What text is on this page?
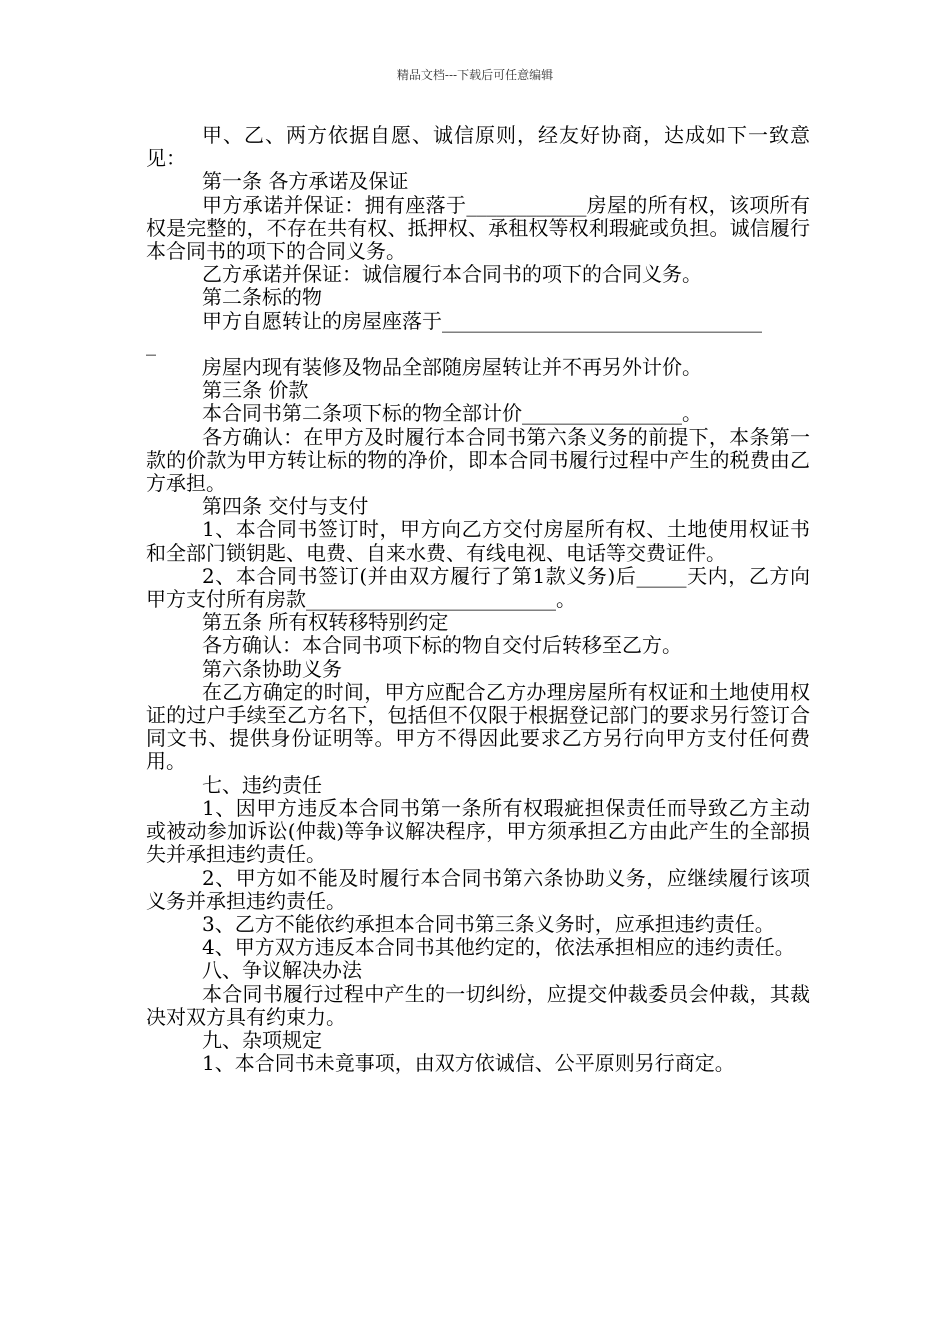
精品文档---下载后可任意编辑

甲、乙、两方依据自愿、诚信原则，经友好协商，达成如下一致意见：

第一条 各方承诺及保证

甲方承诺并保证：拥有座落于____________房屋的所有权，该项所有权是完整的，不存在共有权、抵押权、承租权等权利瑕疵或负担。诚信履行本合同书的项下的合同义务。

乙方承诺并保证：诚信履行本合同书的项下的合同义务。

第二条标的物

甲方自愿转让的房屋座落于________________________________

_

房屋内现有装修及物品全部随房屋转让并不再另外计价。

第三条 价款

本合同书第二条项下标的物全部计价________________。

各方确认：在甲方及时履行本合同书第六条义务的前提下，本条第一款的价款为甲方转让标的物的净价，即本合同书履行过程中产生的税费由乙方承担。

第四条 交付与支付

1、本合同书签订时，甲方向乙方交付房屋所有权、土地使用权证书和全部门锁钥匙、电费、自来水费、有线电视、电话等交费证件。

2、本合同书签订(并由双方履行了第1款义务)后_____天内，乙方向甲方支付所有房款_________________________。

第五条 所有权转移特别约定

各方确认：本合同书项下标的物自交付后转移至乙方。

第六条协助义务

在乙方确定的时间，甲方应配合乙方办理房屋所有权证和土地使用权证的过户手续至乙方名下，包括但不仅限于根据登记部门的要求另行签订合同文书、提供身份证明等。甲方不得因此要求乙方另行向甲方支付任何费用。

七、违约责任

1、因甲方违反本合同书第一条所有权瑕疵担保责任而导致乙方主动或被动参加诉讼(仲裁)等争议解决程序，甲方须承担乙方由此产生的全部损失并承担违约责任。

2、甲方如不能及时履行本合同书第六条协助义务，应继续履行该项义务并承担违约责任。

3、乙方不能依约承担本合同书第三条义务时，应承担违约责任。

4、甲方双方违反本合同书其他约定的，依法承担相应的违约责任。

八、争议解决办法

本合同书履行过程中产生的一切纠纷，应提交仲裁委员会仲裁，其裁决对双方具有约束力。

九、杂项规定

1、本合同书未竟事项，由双方依诚信、公平原则另行商定。
